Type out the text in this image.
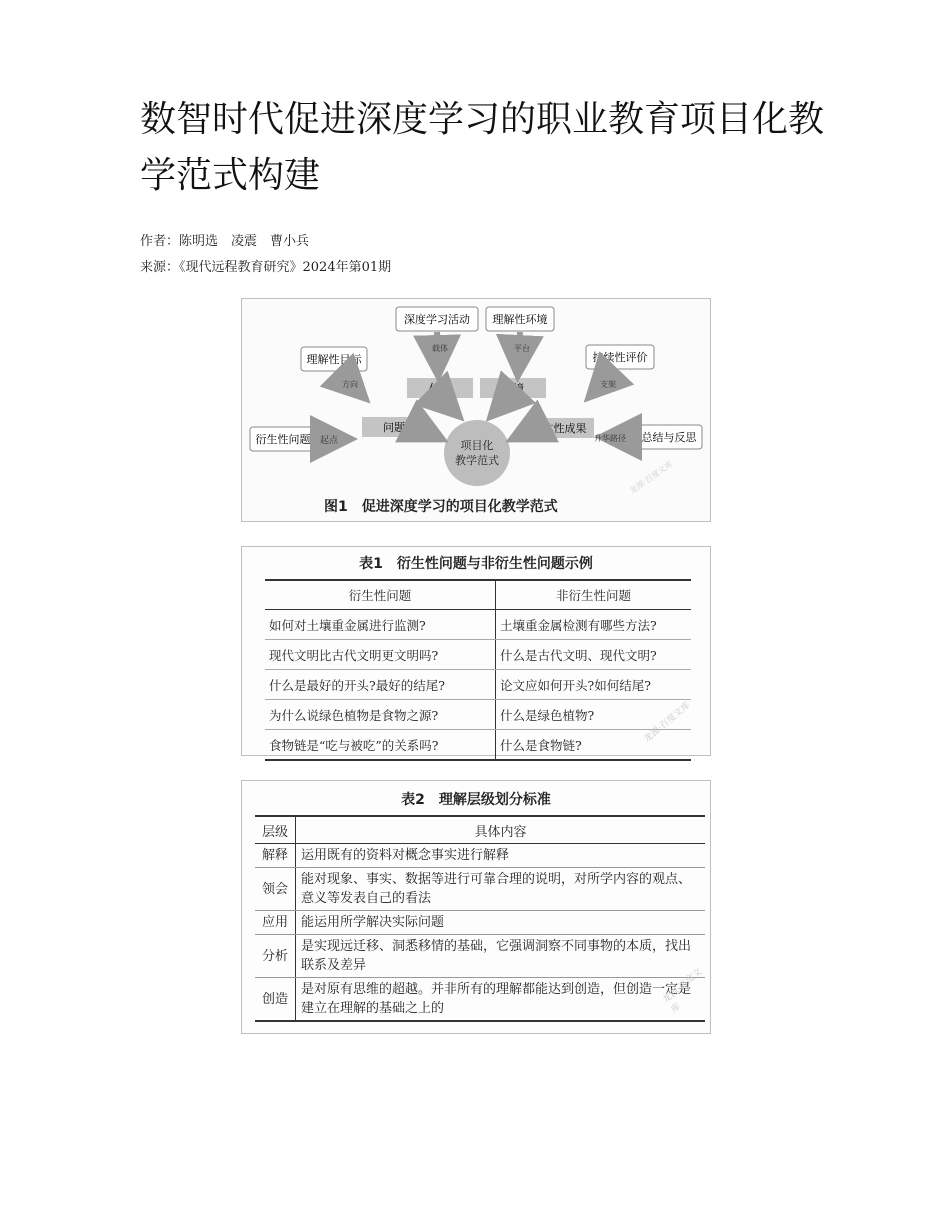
数智时代促进深度学习的职业教育项目化教学范式构建
作者：陈明选　凌震　曹小兵
来源：《现代远程教育研究》2024年第01期
项目化
教学范式
深度学习活动 理解性环境
理解性目标	持续性评价
衍生性问题	总结与反思
任务	情境
问题	实体性成果
载体	平台
方向	支架
起点	升华路径
图1　促进深度学习的项目化教学范式
龙源·百度文库
表1　衍生性问题与非衍生性问题示例
衍生性问题	非衍生性问题
如何对土壤重金属进行监测?	土壤重金属检测有哪些方法?
现代文明比古代文明更文明吗?	什么是古代文明、现代文明?
什么是最好的开头?最好的结尾?	论文应如何开头?如何结尾?
为什么说绿色植物是食物之源?	什么是绿色植物?
食物链是“吃与被吃”的关系吗?	什么是食物链?
龙源·百度文库
表2　理解层级划分标准
层级	具体内容
解释	运用既有的资料对概念事实进行解释
领会	能对现象、事实、数据等进行可靠合理的说明，对所学内容的观点、意义等发表自己的看法
应用	能运用所学解决实际问题
分析	是实现远迁移、洞悉移情的基础，它强调洞察不同事物的本质，找出联系及差异
创造	是对原有思维的超越。并非所有的理解都能达到创造，但创造一定是建立在理解的基础之上的
龙源·百度文库
